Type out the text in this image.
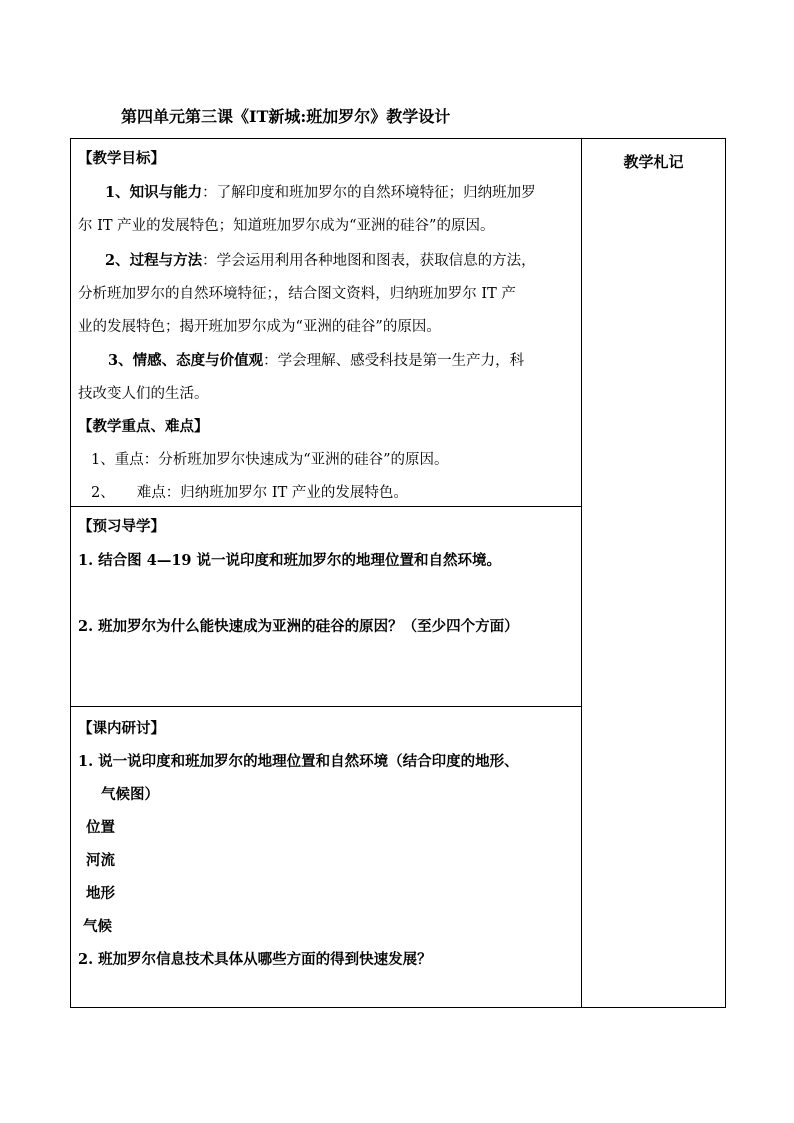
第四单元第三课《IT新城:班加罗尔》教学设计
【教学目标】
1、知识与能力：了解印度和班加罗尔的自然环境特征；归纳班加罗
尔 IT 产业的发展特色；知道班加罗尔成为“亚洲的硅谷”的原因。
2、过程与方法：学会运用利用各种地图和图表，获取信息的方法，
分析班加罗尔的自然环境特征；，结合图文资料，归纳班加罗尔 IT 产
业的发展特色；揭开班加罗尔成为“亚洲的硅谷”的原因。
3、情感、态度与价值观：学会理解、感受科技是第一生产力，科
技改变人们的生活。
【教学重点、难点】
1、重点：分析班加罗尔快速成为“亚洲的硅谷”的原因。
2、 难点：归纳班加罗尔 IT 产业的发展特色。

教学札记

【预习导学】
1. 结合图 4—19 说一说印度和班加罗尔的地理位置和自然环境。
2. 班加罗尔为什么能快速成为亚洲的硅谷的原因？（至少四个方面）

【课内研讨】
1. 说一说印度和班加罗尔的地理位置和自然环境（结合印度的地形、
气候图）
位置
河流
地形
气候
2. 班加罗尔信息技术具体从哪些方面的得到快速发展？
